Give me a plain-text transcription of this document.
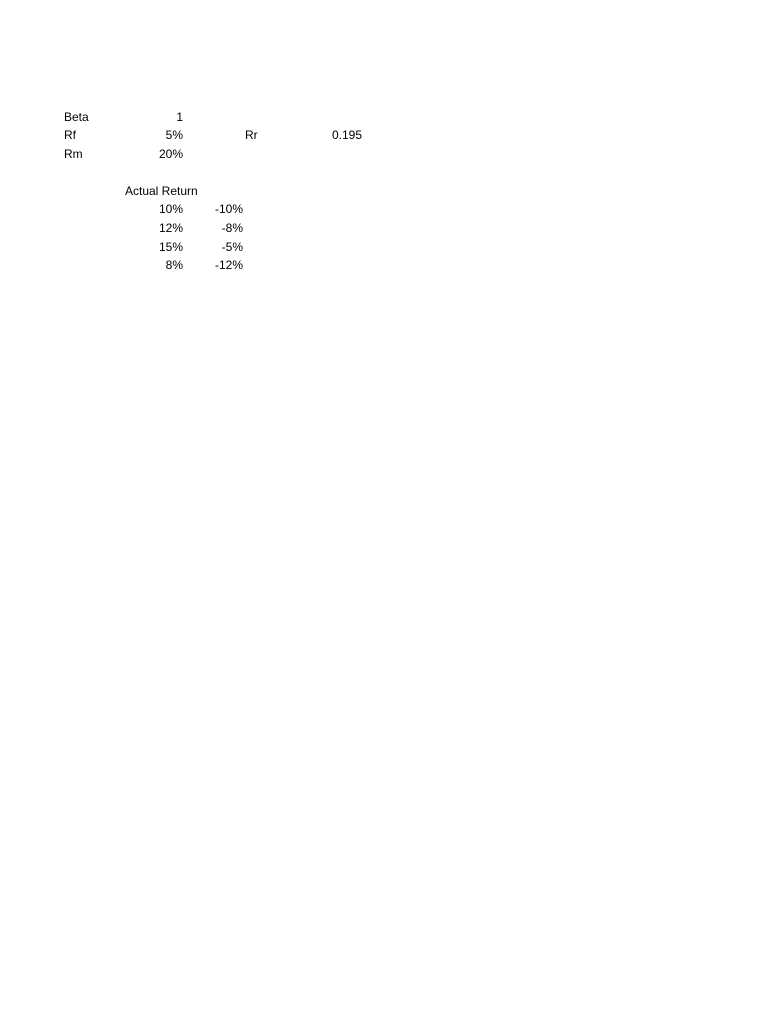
Beta	1
Rf	5%	Rr	0.195
Rm	20%
Actual Return
10%	-10%
12%	-8%
15%	-5%
8%	-12%
